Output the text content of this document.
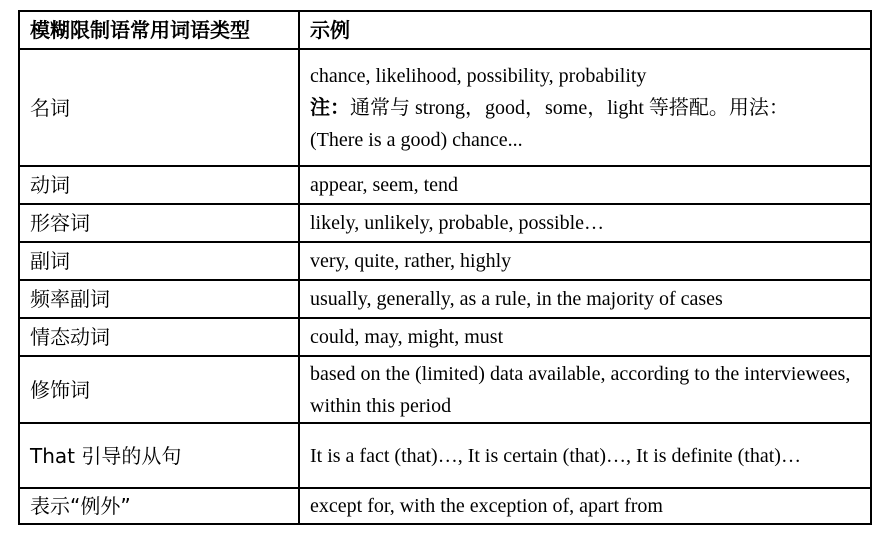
模糊限制语常用词语类型	示例
名词	chance, likelihood, possibility, probability
注：通常与 strong，good，some，light 等搭配。用法：
(There is a good) chance...

动词	appear, seem, tend
形容词	likely, unlikely, probable, possible…
副词	very, quite, rather, highly
频率副词	usually, generally, as a rule, in the majority of cases
情态动词	could, may, might, must
修饰词	based on the (limited) data available, according to the interviewees, within this period
That 引导的从句	It is a fact (that)…, It is certain (that)…, It is definite (that)…
表示“例外”	except for, with the exception of, apart from
